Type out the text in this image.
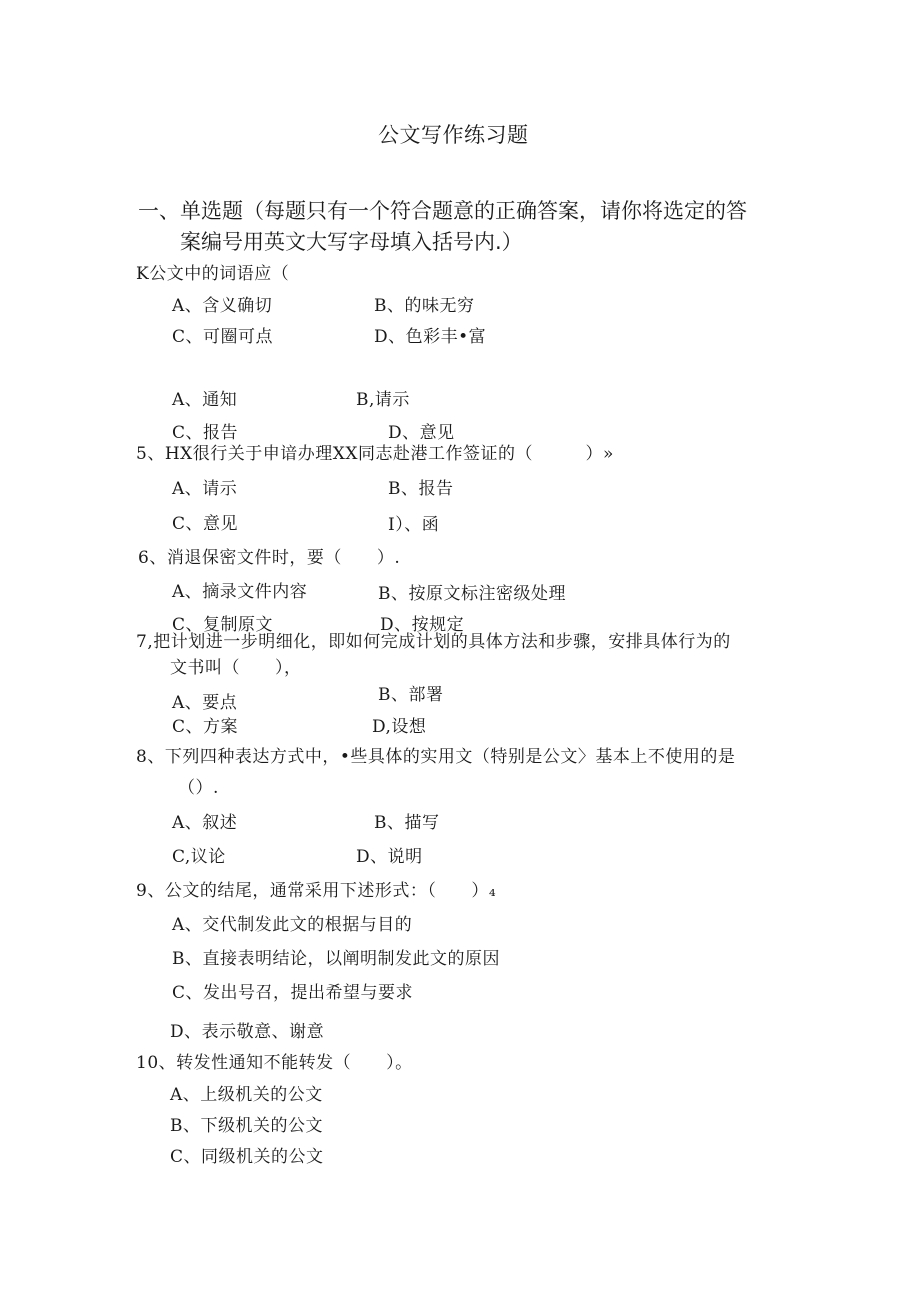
公文写作练习题
一、单选题（每题只有一个符合题意的正确答案，请你将选定的答
案编号用英文大写字母填入括号内.）
K公文中的词语应（
A、含义确切	B、的味无穷
C、可圈可点	D、色彩丰•富
A、通知	B,请示
C、报告	D、意见
5、HX很行关于申谙办理XX同志赴港工作签证的（　　　）»
A、请示	B、报告
C、意见	I）、函
6、消退保密文件时，要（　　）.
A、摘录文件内容	B、按原文标注密级处理
C、复制原文	D、按规定
7,把计划进一步明细化，即如何完成计划的具体方法和步骤，安排具体行为的
文书叫（　　），
A、要点	B、部署
C、方案	D,设想
8、下列四种表达方式中，•些具体的实用文（特别是公文〉基本上不使用的是
（）.
A、叙述	B、描写
C,议论	D、说明
9、公文的结尾，通常采用下述形式：（　　）₄
A、交代制发此文的根据与目的
B、直接表明结论，以阐明制发此文的原因
C、发出号召，提出希望与要求
D、表示敬意、谢意
10、转发性通知不能转发（　　）。
A、上级机关的公文
B、下级机关的公文
C、同级机关的公文
